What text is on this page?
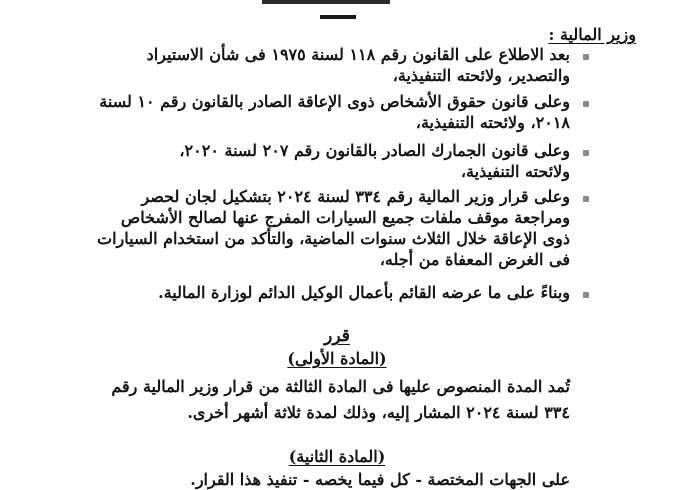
وزير المالية :
بعد الاطلاع على القانون رقم ١١٨ لسنة ١٩٧٥ فى شأن الاستيراد
والتصدير، ولائحته التنفيذية،
وعلى قانون حقوق الأشخاص ذوى الإعاقة الصادر بالقانون رقم ١٠ لسنة
٢٠١٨، ولائحته التنفيذية،
وعلى قانون الجمارك الصادر بالقانون رقم ٢٠٧ لسنة ٢٠٢٠،
ولائحته التنفيذية،
وعلى قرار وزير المالية رقم ٣٣٤ لسنة ٢٠٢٤ بتشكيل لجان لحصر
ومراجعة موقف ملفات جميع السيارات المفرج عنها لصالح الأشخاص
ذوى الإعاقة خلال الثلاث سنوات الماضية، والتأكد من استخدام السيارات
فى الغرض المعفاة من أجله،
وبناءً على ما عرضه القائم بأعمال الوكيل الدائم لوزارة المالية.
قرر
(المادة الأولى)
تُمد المدة المنصوص عليها فى المادة الثالثة من قرار وزير المالية رقم
٣٣٤ لسنة ٢٠٢٤ المشار إليه، وذلك لمدة ثلاثة أشهر أخرى.
(المادة الثانية)
على الجهات المختصة - كل فيما يخصه - تنفيذ هذا القرار.
